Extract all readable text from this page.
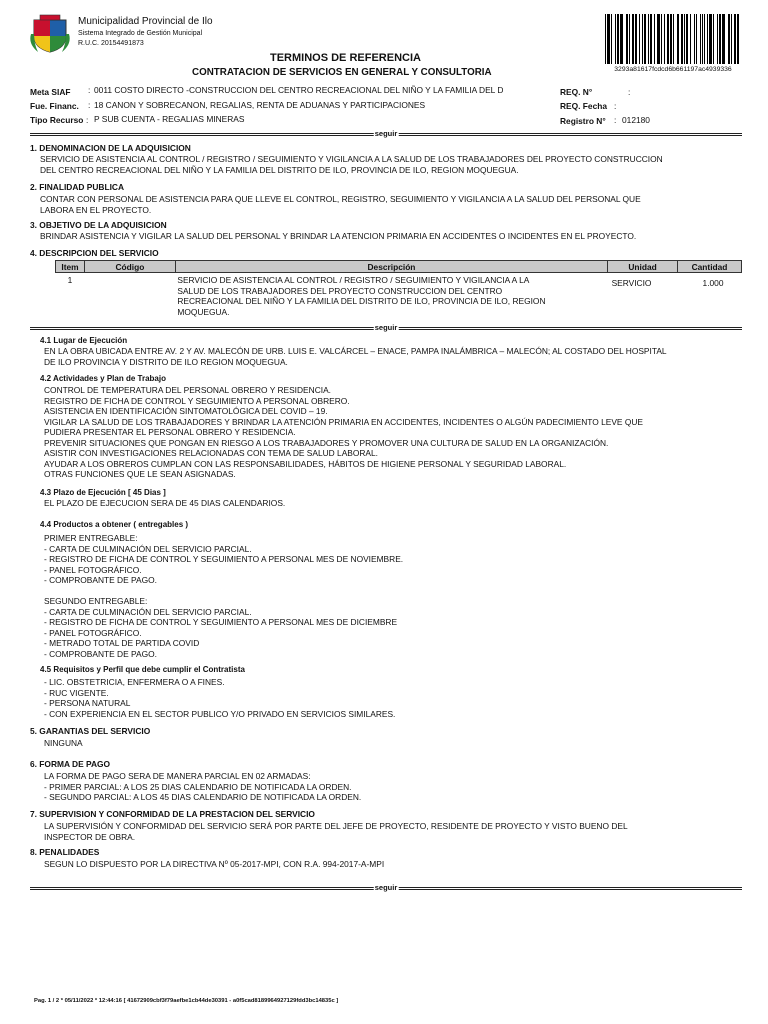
Municipalidad Provincial de Ilo
Sistema Integrado de Gestión Municipal
R.U.C. 20154491873
3293a81617fcdcd6b661197ac4939336
TERMINOS DE REFERENCIA
CONTRATACION DE SERVICIOS EN GENERAL Y CONSULTORIA
Meta SIAF : 0011 COSTO DIRECTO -CONSTRUCCION DEL CENTRO RECREACIONAL DEL NIÑO Y LA FAMILIA DEL D
Fue. Financ. : 18 CANON Y SOBRECANON, REGALIAS, RENTA DE ADUANAS Y PARTICIPACIONES
Tipo Recurso : P SUB CUENTA - REGALIAS MINERAS
REQ. N°	:
REQ. Fecha :
Registro N° : 012180
seguir
1. DENOMINACION DE LA ADQUISICION
SERVICIO DE ASISTENCIA AL CONTROL / REGISTRO / SEGUIMIENTO Y VIGILANCIA A LA SALUD DE LOS TRABAJADORES DEL PROYECTO CONSTRUCCION
DEL CENTRO RECREACIONAL DEL NIÑO Y LA FAMILIA DEL DISTRITO DE ILO, PROVINCIA DE ILO, REGION MOQUEGUA.
2. FINALIDAD PUBLICA
CONTAR CON PERSONAL DE ASISTENCIA PARA QUE LLEVE EL CONTROL, REGISTRO, SEGUIMIENTO Y VIGILANCIA A LA SALUD DEL PERSONAL QUE
LABORA EN EL PROYECTO.
3. OBJETIVO DE LA ADQUISICION
BRINDAR ASISTENCIA Y VIGILAR LA SALUD DEL PERSONAL Y BRINDAR LA ATENCION PRIMARIA EN ACCIDENTES O INCIDENTES EN EL PROYECTO.
4. DESCRIPCION DEL SERVICIO
Item	Código	Descripción	Unidad	Cantidad
1		SERVICIO DE ASISTENCIA AL CONTROL / REGISTRO / SEGUIMIENTO Y VIGILANCIA A LA
SALUD DE LOS TRABAJADORES DEL PROYECTO CONSTRUCCION DEL CENTRO
RECREACIONAL DEL NIÑO Y LA FAMILIA DEL DISTRITO DE ILO, PROVINCIA DE ILO, REGION
MOQUEGUA.	SERVICIO	1.000
seguir
4.1 Lugar de Ejecución
EN LA OBRA UBICADA ENTRE AV. 2 Y AV. MALECÓN DE URB. LUIS E. VALCÁRCEL – ENACE, PAMPA INALÁMBRICA – MALECÓN; AL COSTADO DEL HOSPITAL
DE ILO PROVINCIA Y DISTRITO DE ILO REGION MOQUEGUA.
4.2 Actividades y Plan de Trabajo
CONTROL DE TEMPERATURA DEL PERSONAL OBRERO Y RESIDENCIA.
REGISTRO DE FICHA DE CONTROL Y SEGUIMIENTO A PERSONAL OBRERO.
ASISTENCIA EN IDENTIFICACIÓN SINTOMATOLÓGICA DEL COVID – 19.
VIGILAR LA SALUD DE LOS TRABAJADORES Y BRINDAR LA ATENCIÓN PRIMARIA EN ACCIDENTES, INCIDENTES O ALGÚN PADECIMIENTO LEVE QUE
PUDIERA PRESENTAR EL PERSONAL OBRERO Y RESIDENCIA.
PREVENIR SITUACIONES QUE PONGAN EN RIESGO A LOS TRABAJADORES Y PROMOVER UNA CULTURA DE SALUD EN LA ORGANIZACIÓN.
ASISTIR CON INVESTIGACIONES RELACIONADAS CON TEMA DE SALUD LABORAL.
AYUDAR A LOS OBREROS CUMPLAN CON LAS RESPONSABILIDADES, HÁBITOS DE HIGIENE PERSONAL Y SEGURIDAD LABORAL.
OTRAS FUNCIONES QUE LE SEAN ASIGNADAS.
4.3 Plazo de Ejecución [ 45 Dias ]
EL PLAZO DE EJECUCION SERA DE 45 DIAS CALENDARIOS.
4.4 Productos a obtener ( entregables )
PRIMER ENTREGABLE:
- CARTA DE CULMINACIÓN DEL SERVICIO PARCIAL.
- REGISTRO DE FICHA DE CONTROL Y SEGUIMIENTO A PERSONAL MES DE NOVIEMBRE.
- PANEL FOTOGRÁFICO.
- COMPROBANTE DE PAGO.

SEGUNDO ENTREGABLE:
- CARTA DE CULMINACIÓN DEL SERVICIO PARCIAL.
- REGISTRO DE FICHA DE CONTROL Y SEGUIMIENTO A PERSONAL MES DE DICIEMBRE
- PANEL FOTOGRÁFICO.
- METRADO TOTAL DE PARTIDA COVID
- COMPROBANTE DE PAGO.
4.5 Requisitos y Perfil que debe cumplir el Contratista
- LIC. OBSTETRICIA, ENFERMERA O A FINES.
- RUC VIGENTE.
- PERSONA NATURAL
- CON EXPERIENCIA EN EL SECTOR PUBLICO Y/O PRIVADO EN SERVICIOS SIMILARES.
5. GARANTIAS DEL SERVICIO
NINGUNA
6. FORMA DE PAGO
LA FORMA DE PAGO SERA DE MANERA PARCIAL EN 02 ARMADAS:
- PRIMER PARCIAL: A LOS 25 DIAS CALENDARIO DE NOTIFICADA LA ORDEN.
- SEGUNDO PARCIAL: A LOS 45 DIAS CALENDARIO DE NOTIFICADA LA ORDEN.
7. SUPERVISION Y CONFORMIDAD DE LA PRESTACION DEL SERVICIO
LA SUPERVISIÓN Y CONFORMIDAD DEL SERVICIO SERÁ POR PARTE DEL JEFE DE PROYECTO, RESIDENTE DE PROYECTO Y VISTO BUENO DEL
INSPECTOR DE OBRA.
8. PENALIDADES
SEGUN LO DISPUESTO POR LA DIRECTIVA Nº 05-2017-MPI, CON R.A. 994-2017-A-MPI
seguir
Pag. 1 / 2 * 05/11/2022 * 12:44:16 [ 41672909cbf3f79aefbe1cb44de30391 - a0f5cad8189964927129fdd3bc14835c ]
